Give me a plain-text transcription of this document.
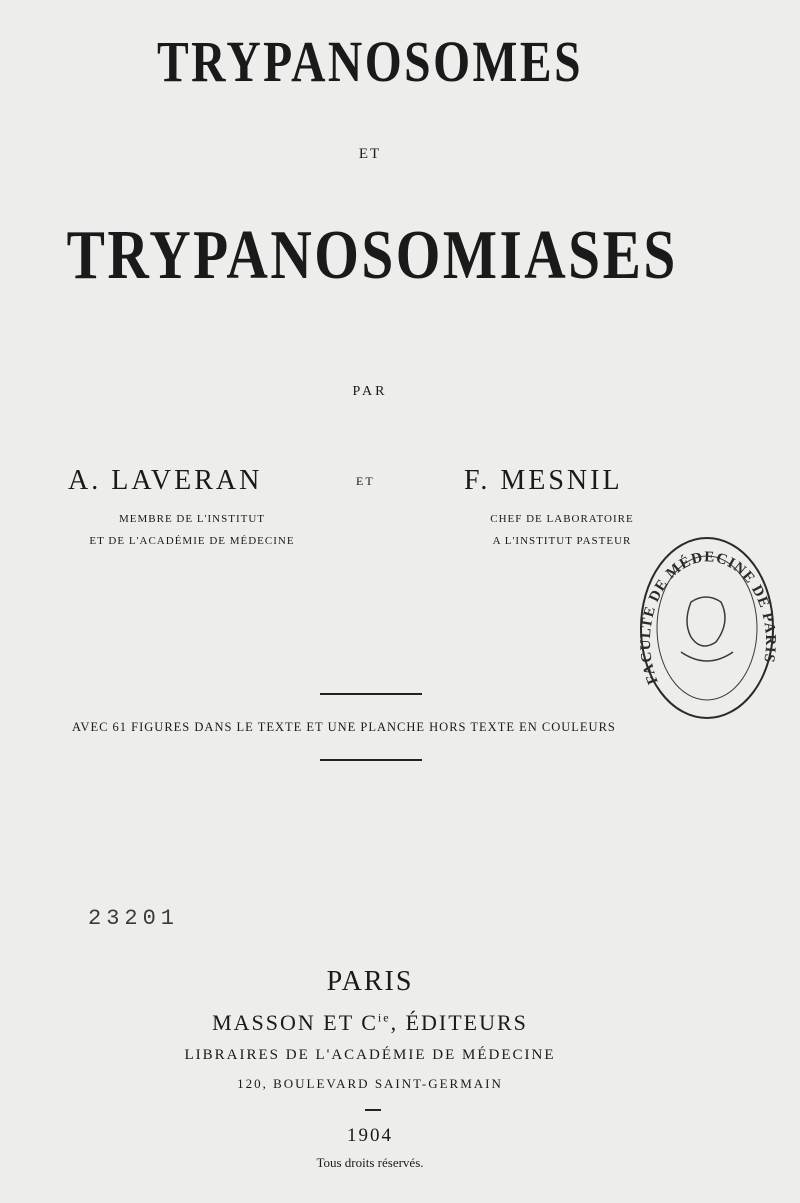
TRYPANOSOMES
ET
TRYPANOSOMIASES
PAR
A. LAVERAN
MEMBRE DE L'INSTITUT
ET DE L'ACADÉMIE DE MÉDECINE
ET	F. MESNIL
CHEF DE LABORATOIRE
A L'INSTITUT PASTEUR
FACULTÉ DE MÉDECINE DE PARIS
AVEC 61 FIGURES DANS LE TEXTE ET UNE PLANCHE HORS TEXTE EN COULEURS
23201
PARIS
MASSON ET $C^{ie}$, ÉDITEURS
LIBRAIRES DE L'ACADÉMIE DE MÉDECINE
120, BOULEVARD SAINT-GERMAIN
1904
Tous droits réservés.
